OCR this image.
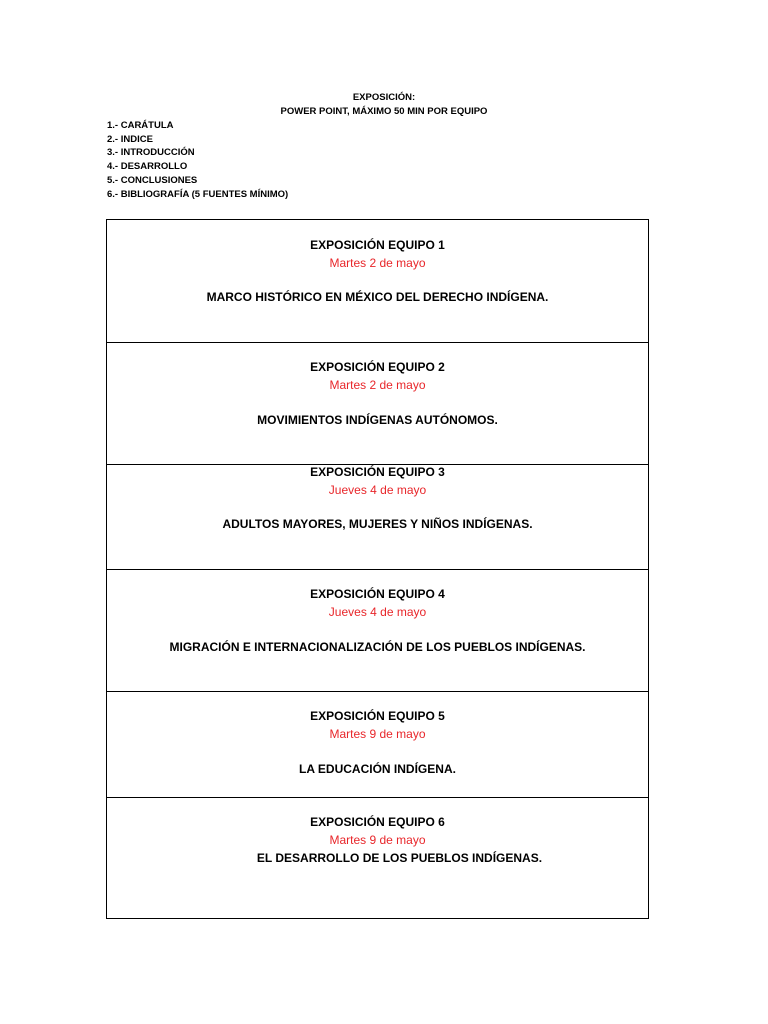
EXPOSICIÓN:
POWER POINT, MÁXIMO 50 MIN POR EQUIPO
1.- CARÁTULA
2.- INDICE
3.- INTRODUCCIÓN
4.- DESARROLLO
5.- CONCLUSIONES
6.- BIBLIOGRAFÍA (5 FUENTES MÍNIMO)
EXPOSICIÓN EQUIPO 1
Martes 2 de mayo
MARCO HISTÓRICO EN MÉXICO DEL DERECHO INDÍGENA.
EXPOSICIÓN EQUIPO 2
Martes 2 de mayo
MOVIMIENTOS INDÍGENAS AUTÓNOMOS.
EXPOSICIÓN EQUIPO 3
Jueves 4 de mayo
ADULTOS MAYORES, MUJERES Y NIÑOS INDÍGENAS.
EXPOSICIÓN EQUIPO 4
Jueves 4 de mayo
MIGRACIÓN E INTERNACIONALIZACIÓN DE LOS PUEBLOS INDÍGENAS.
EXPOSICIÓN EQUIPO 5
Martes 9 de mayo
LA EDUCACIÓN INDÍGENA.
EXPOSICIÓN EQUIPO 6
Martes 9 de mayo
EL DESARROLLO DE LOS PUEBLOS INDÍGENAS.
